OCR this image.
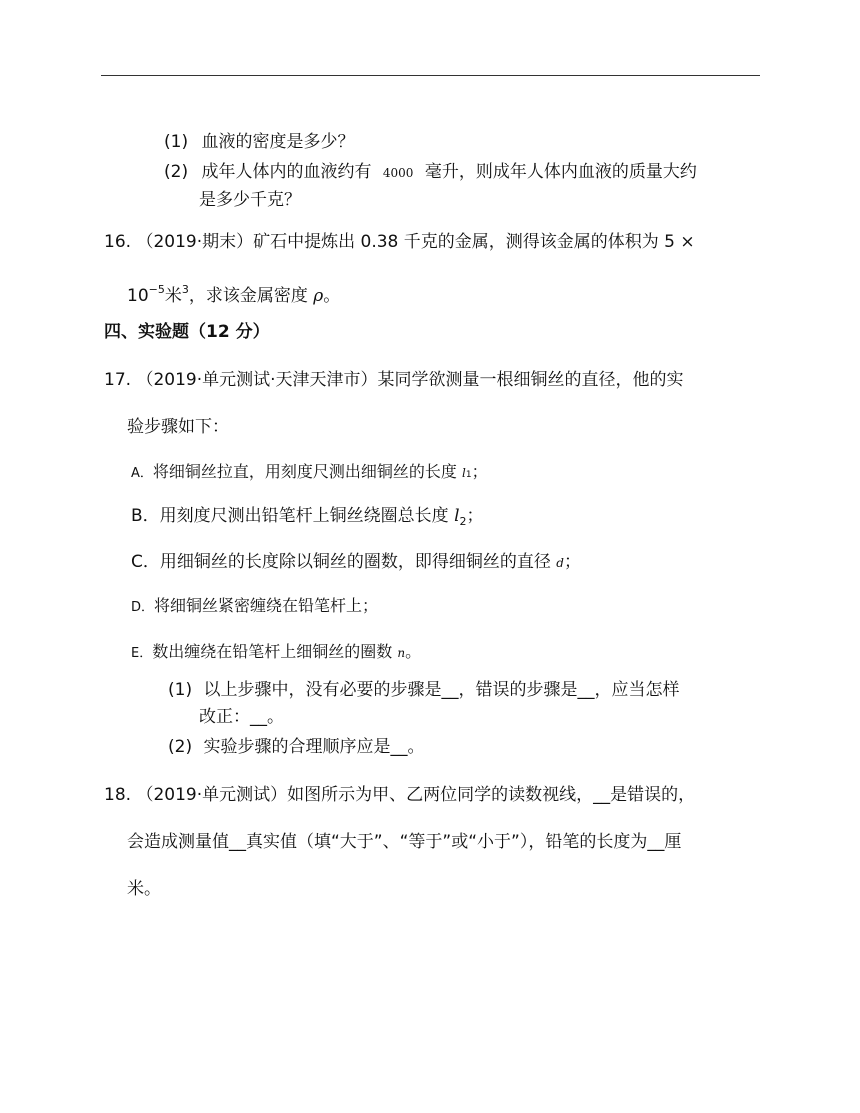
(1) 血液的密度是多少？
(2) 成年人体内的血液约有 4000 毫升，则成年人体内血液的质量大约
是多少千克？
16. （2019·期末）矿石中提炼出 0.38 千克的金属，测得该金属的体积为 5 ×
$10^{-5}$米$^3$，求该金属密度 ρ。
四、实验题（12 分）
17. （2019·单元测试·天津天津市）某同学欲测量一根细铜丝的直径，他的实
验步骤如下：
A．将细铜丝拉直，用刻度尺测出细铜丝的长度 l1；
B．用刻度尺测出铅笔杆上铜丝绕圈总长度 $l_2$；
C．用细铜丝的长度除以铜丝的圈数，即得细铜丝的直径 d；
D．将细铜丝紧密缠绕在铅笔杆上；
E．数出缠绕在铅笔杆上细铜丝的圈数 n。
(1) 以上步骤中，没有必要的步骤是__，错误的步骤是__，应当怎样
改正：__。
(2) 实验步骤的合理顺序应是__。
18. （2019·单元测试）如图所示为甲、乙两位同学的读数视线，__是错误的，
会造成测量值__真实值（填“大于”、“等于”或“小于”），铅笔的长度为__厘
米。
